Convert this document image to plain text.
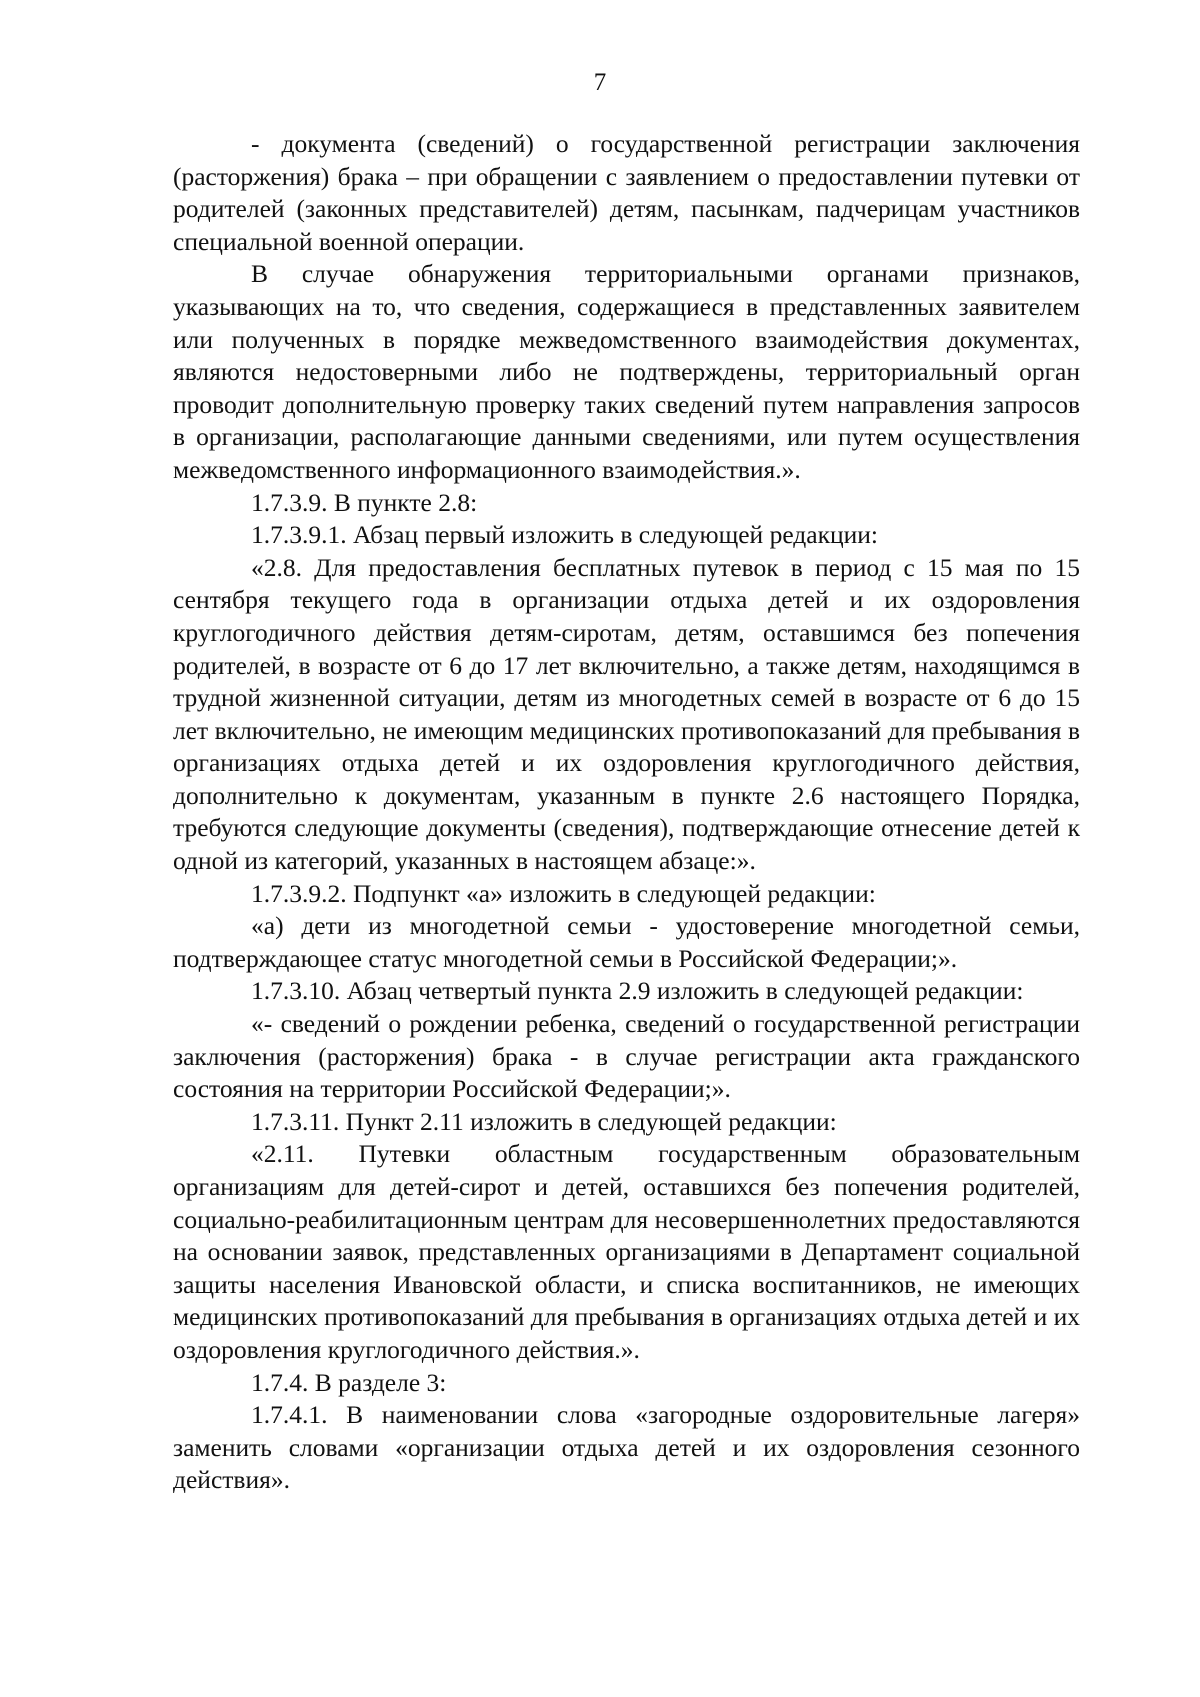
7

- документа (сведений) о государственной регистрации заключения (расторжения) брака – при обращении с заявлением о предоставлении путевки от родителей (законных представителей) детям, пасынкам, падчерицам участников специальной военной операции.

В случае обнаружения территориальными органами признаков, указывающих на то, что сведения, содержащиеся в представленных заявителем или полученных в порядке межведомственного взаимодействия документах, являются недостоверными либо не подтверждены, территориальный орган проводит дополнительную проверку таких сведений путем направления запросов в организации, располагающие данными сведениями, или путем осуществления межведомственного информационного взаимодействия.».

1.7.3.9. В пункте 2.8:

1.7.3.9.1. Абзац первый изложить в следующей редакции:

«2.8. Для предоставления бесплатных путевок в период с 15 мая по 15 сентября текущего года в организации отдыха детей и их оздоровления круглогодичного действия детям-сиротам, детям, оставшимся без попечения родителей, в возрасте от 6 до 17 лет включительно, а также детям, находящимся в трудной жизненной ситуации, детям из многодетных семей в возрасте от 6 до 15 лет включительно, не имеющим медицинских противопоказаний для пребывания в организациях отдыха детей и их оздоровления круглогодичного действия, дополнительно к документам, указанным в пункте 2.6 настоящего Порядка, требуются следующие документы (сведения), подтверждающие отнесение детей к одной из категорий, указанных в настоящем абзаце:».

1.7.3.9.2. Подпункт «а» изложить в следующей редакции:

«а) дети из многодетной семьи - удостоверение многодетной семьи, подтверждающее статус многодетной семьи в Российской Федерации;».

1.7.3.10. Абзац четвертый пункта 2.9 изложить в следующей редакции:

«- сведений о рождении ребенка, сведений о государственной регистрации заключения (расторжения) брака - в случае регистрации акта гражданского состояния на территории Российской Федерации;».

1.7.3.11. Пункт 2.11 изложить в следующей редакции:

«2.11. Путевки областным государственным образовательным организациям для детей-сирот и детей, оставшихся без попечения родителей, социально-реабилитационным центрам для несовершеннолетних предоставляются на основании заявок, представленных организациями в Департамент социальной защиты населения Ивановской области, и списка воспитанников, не имеющих медицинских противопоказаний для пребывания в организациях отдыха детей и их оздоровления круглогодичного действия.».

1.7.4. В разделе 3:

1.7.4.1. В наименовании слова «загородные оздоровительные лагеря» заменить словами «организации отдыха детей и их оздоровления сезонного действия».
